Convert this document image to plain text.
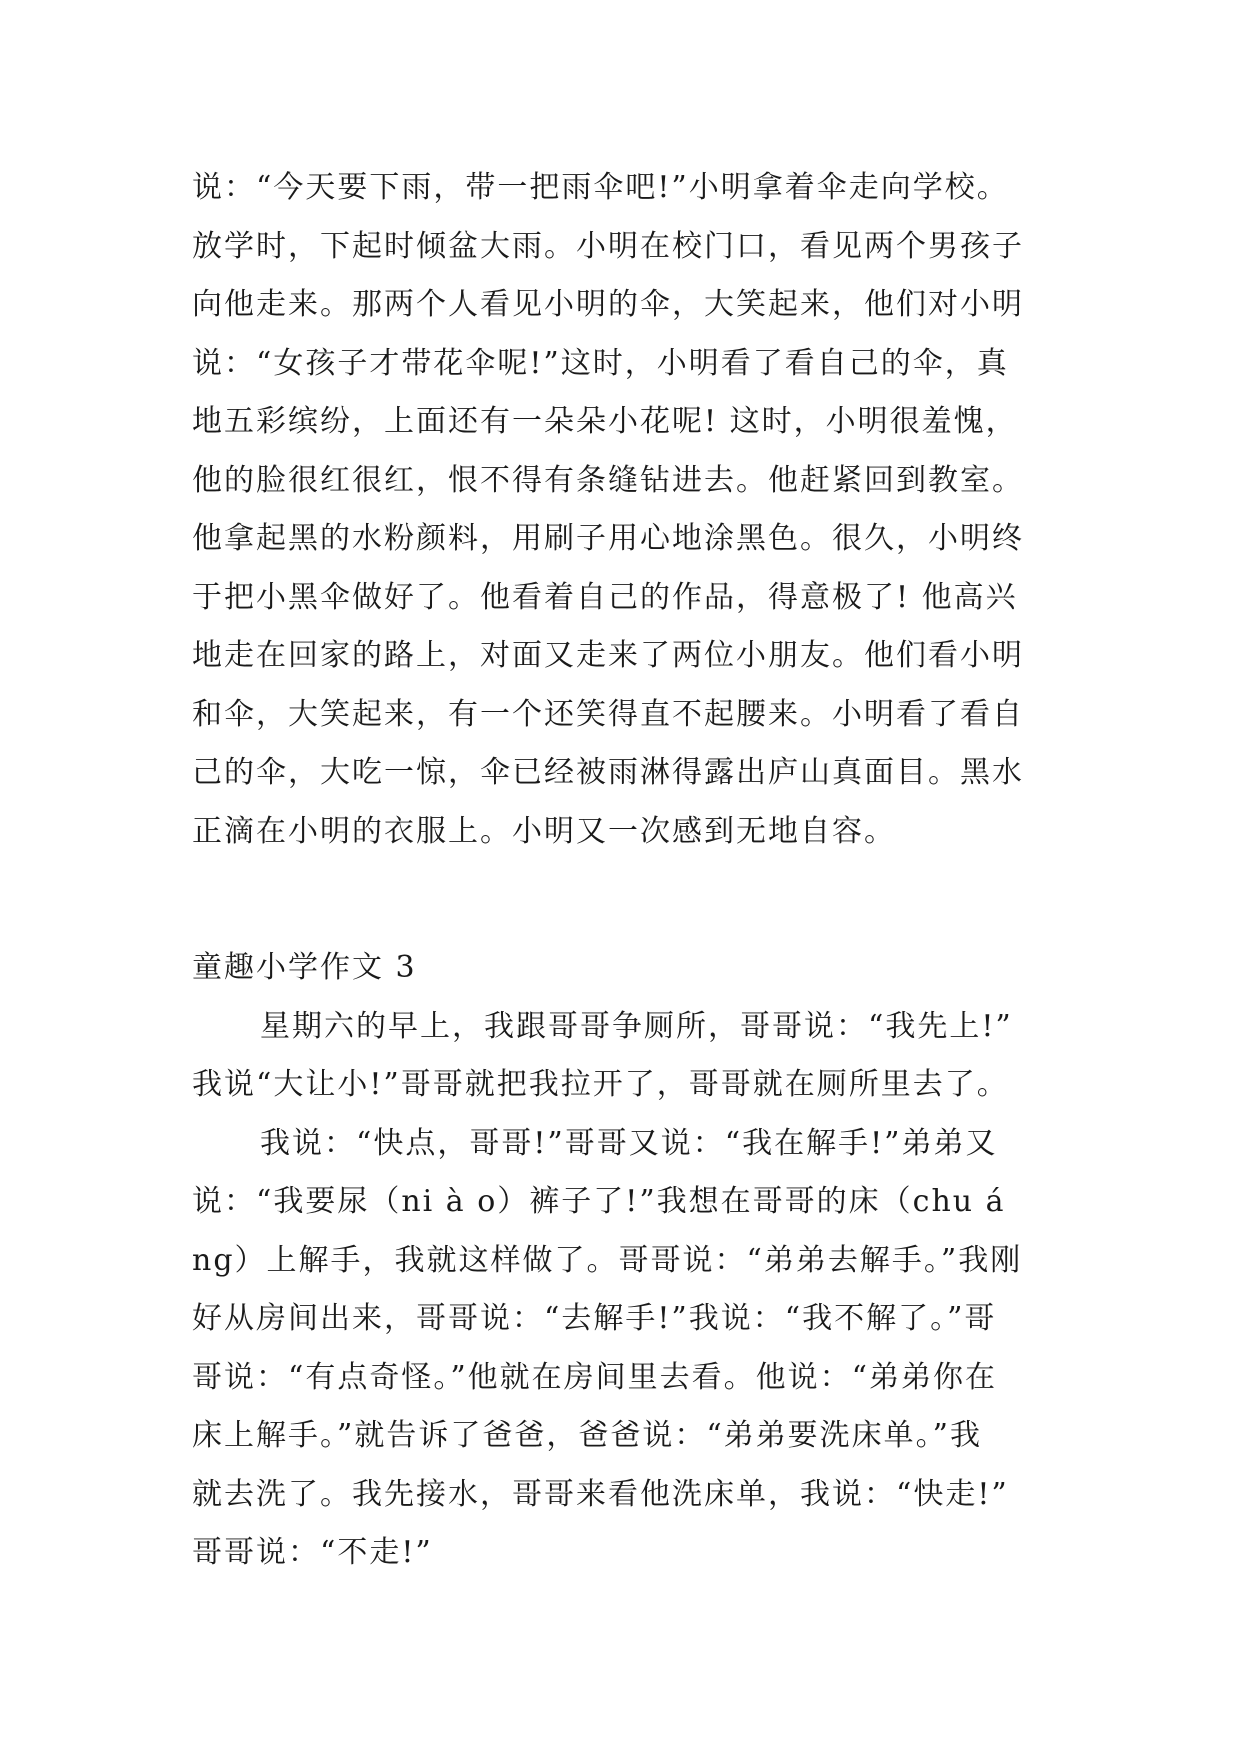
说：“今天要下雨，带一把雨伞吧!”小明拿着伞走向学校。
放学时，下起时倾盆大雨。小明在校门口，看见两个男孩子
向他走来。那两个人看见小明的伞，大笑起来，他们对小明
说：“女孩子才带花伞呢!”这时，小明看了看自己的伞，真
地五彩缤纷，上面还有一朵朵小花呢! 这时，小明很羞愧，
他的脸很红很红，恨不得有条缝钻进去。他赶紧回到教室。
他拿起黑的水粉颜料，用刷子用心地涂黑色。很久，小明终
于把小黑伞做好了。他看着自己的作品，得意极了! 他高兴
地走在回家的路上，对面又走来了两位小朋友。他们看小明
和伞，大笑起来，有一个还笑得直不起腰来。小明看了看自
己的伞，大吃一惊，伞已经被雨淋得露出庐山真面目。黑水
正滴在小明的衣服上。小明又一次感到无地自容。
童趣小学作文 3
星期六的早上，我跟哥哥争厕所，哥哥说：“我先上!”
我说“大让小!”哥哥就把我拉开了，哥哥就在厕所里去了。
我说：“快点，哥哥!”哥哥又说：“我在解手!”弟弟又
说：“我要尿（ni à o）裤子了!”我想在哥哥的床（chu á
ng）上解手，我就这样做了。哥哥说：“弟弟去解手。”我刚
好从房间出来，哥哥说：“去解手!”我说：“我不解了。”哥
哥说：“有点奇怪。”他就在房间里去看。他说：“弟弟你在
床上解手。”就告诉了爸爸，爸爸说：“弟弟要洗床单。”我
就去洗了。我先接水，哥哥来看他洗床单，我说：“快走!”
哥哥说：“不走!”
